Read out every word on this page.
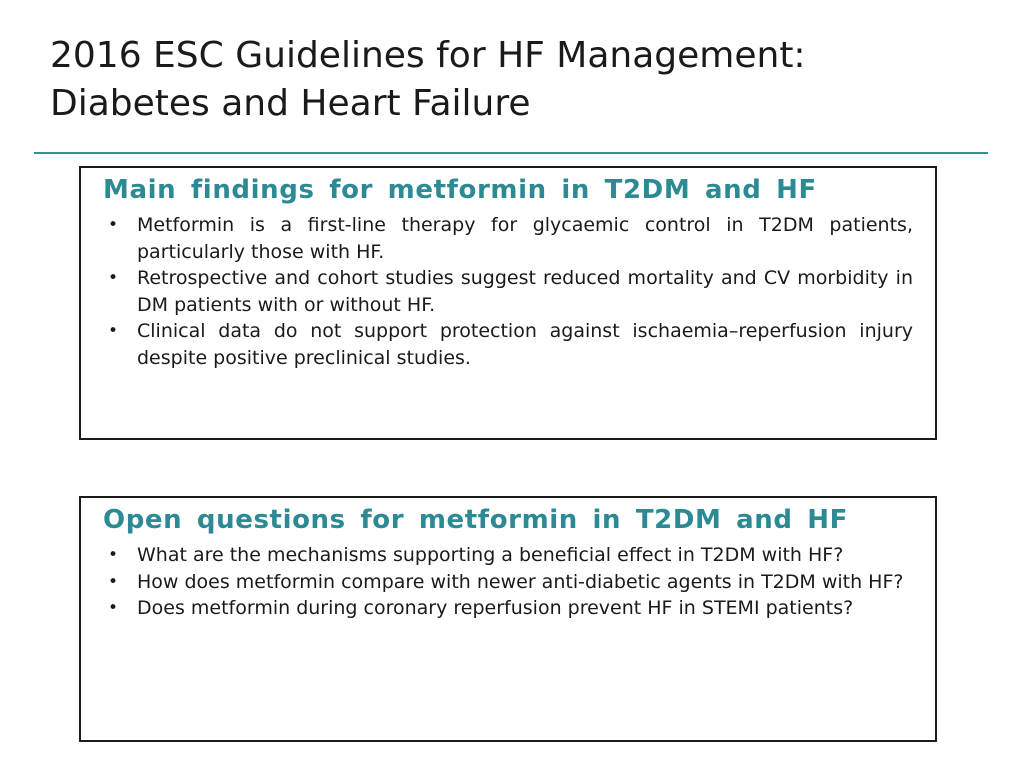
2016 ESC Guidelines for HF Management:
Diabetes and Heart Failure
Main findings for metformin in T2DM and HF
• Metformin is a first-line therapy for glycaemic control in T2DM patients, particularly those with HF.
• Retrospective and cohort studies suggest reduced mortality and CV morbidity in DM patients with or without HF.
• Clinical data do not support protection against ischaemia–reperfusion injury despite positive preclinical studies.
Open questions for metformin in T2DM and HF
• What are the mechanisms supporting a beneficial effect in T2DM with HF?
• How does metformin compare with newer anti-diabetic agents in T2DM with HF?
• Does metformin during coronary reperfusion prevent HF in STEMI patients?
